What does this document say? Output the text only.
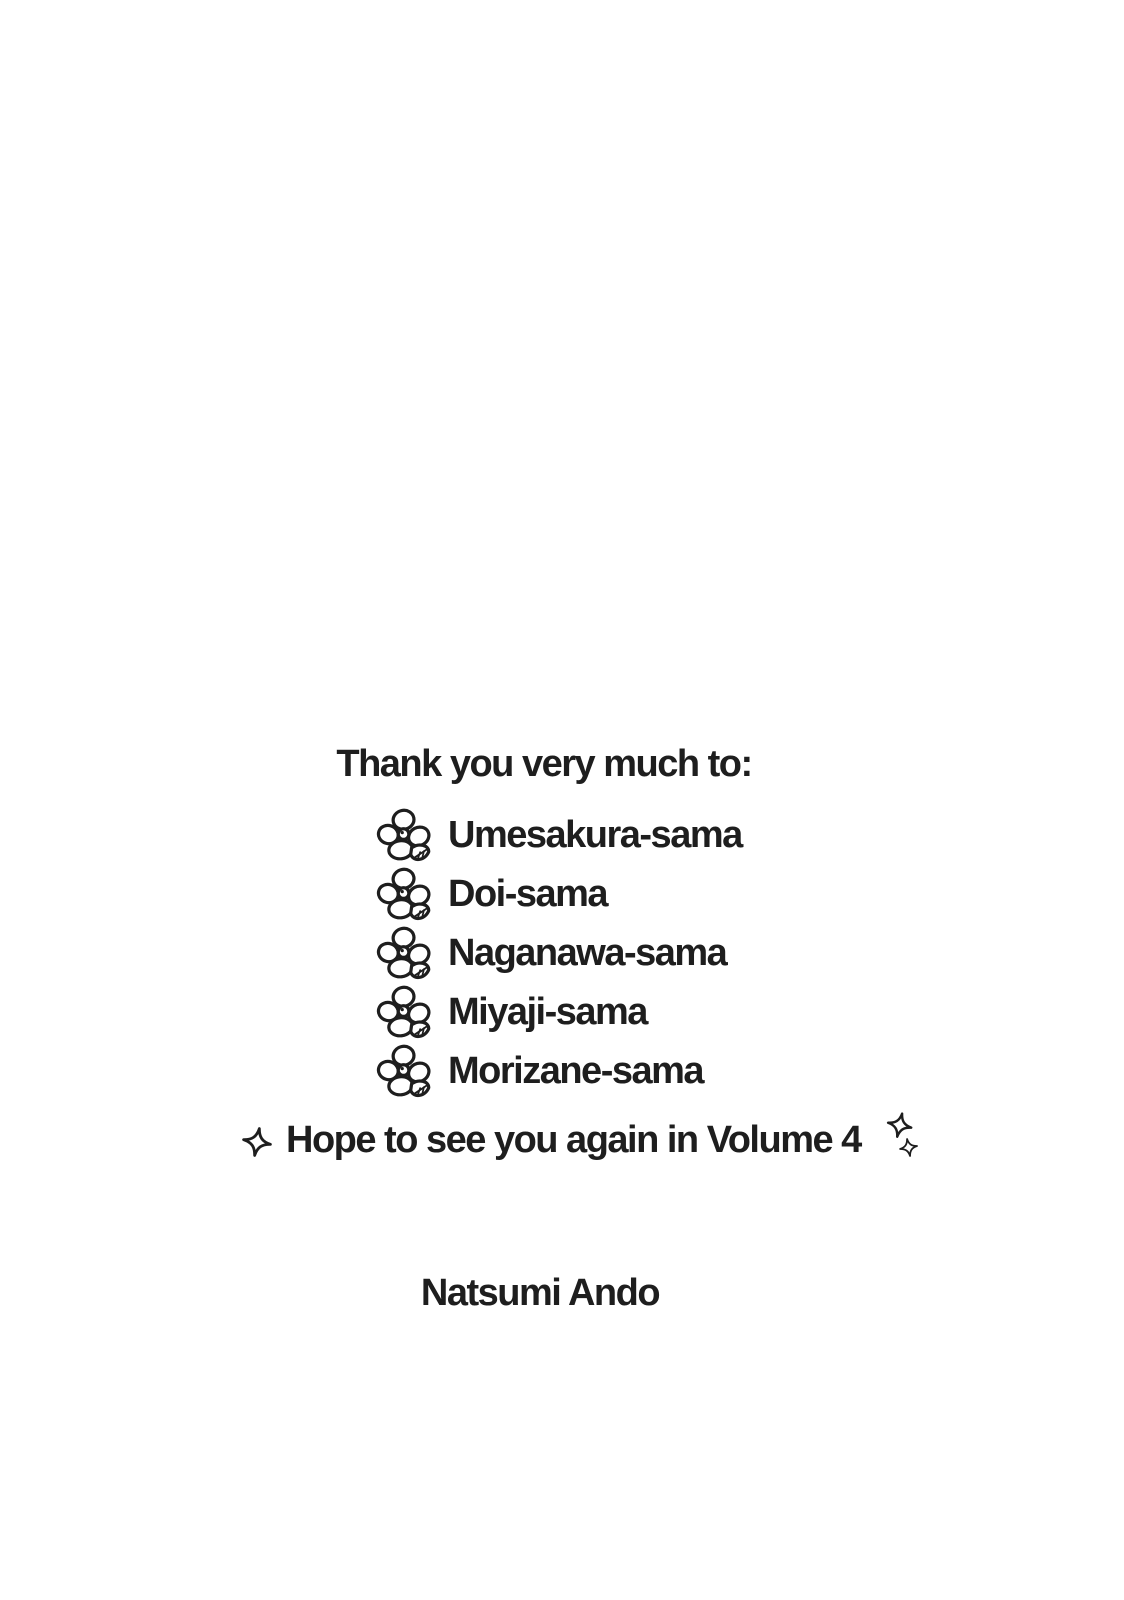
Thank you very much to:
Umesakura-sama
Doi-sama
Naganawa-sama
Miyaji-sama
Morizane-sama
Hope to see you again in Volume 4
Natsumi Ando
